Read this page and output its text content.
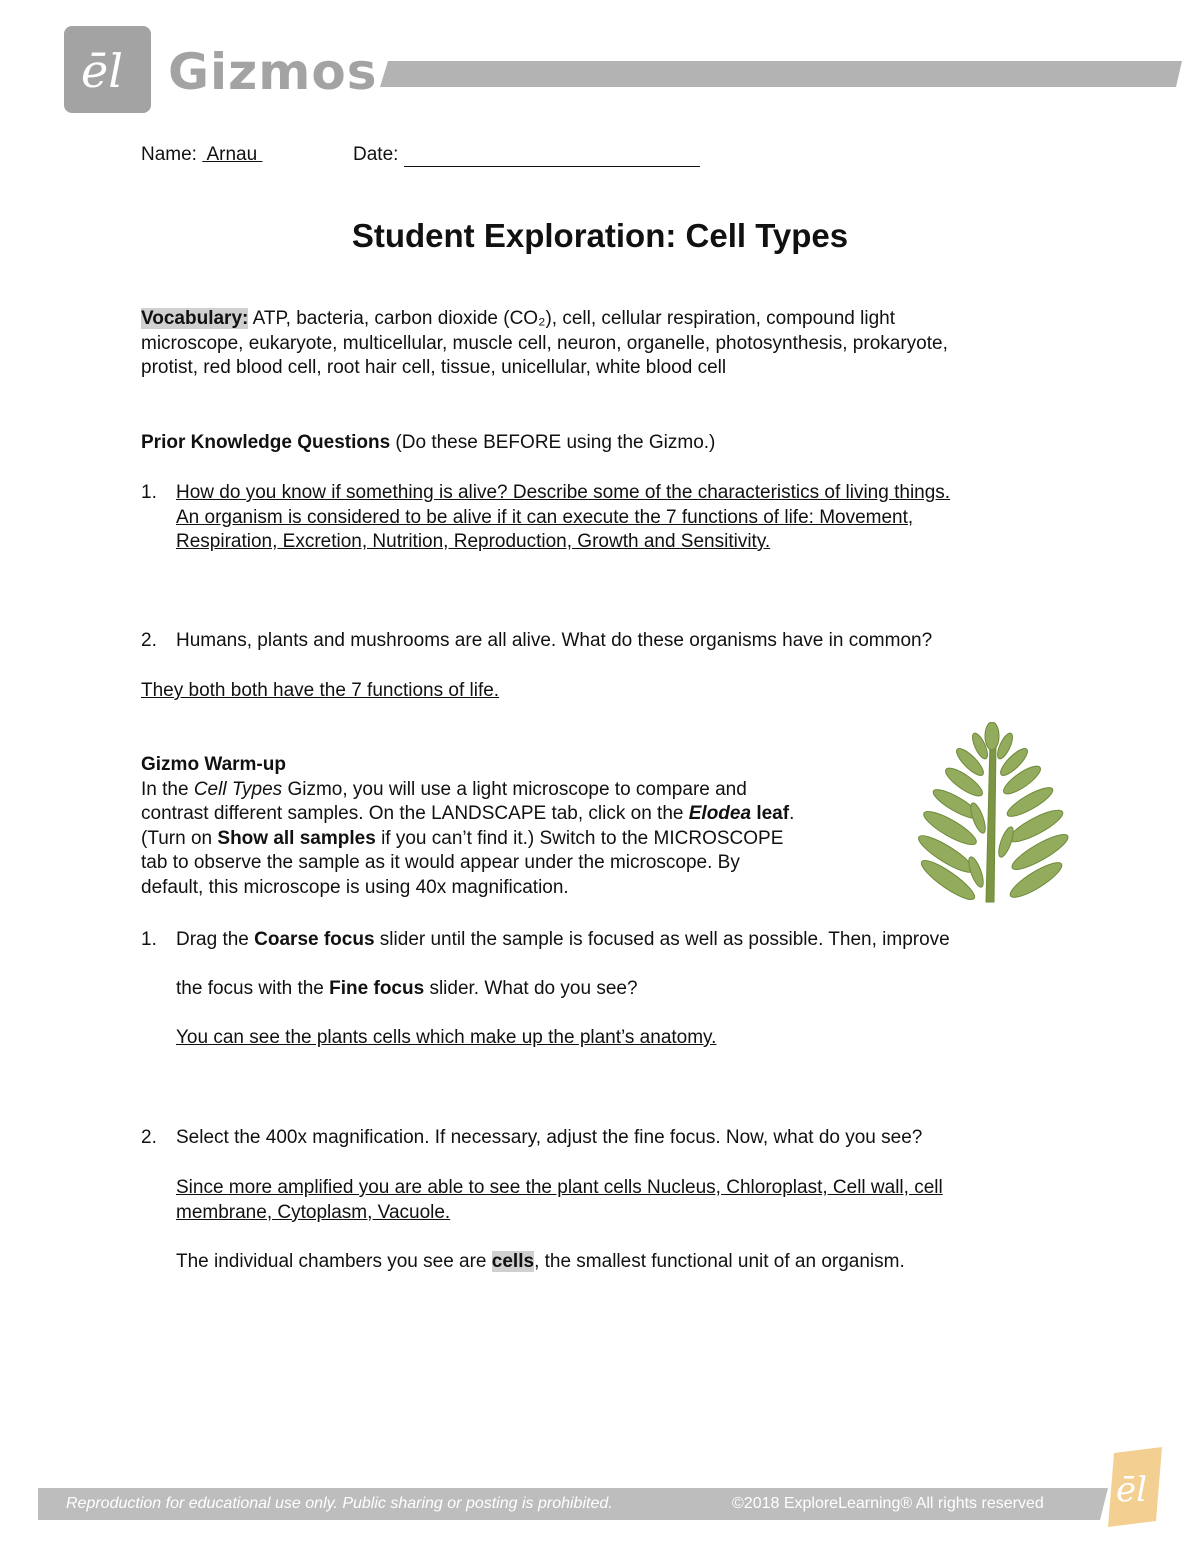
ēl Gizmos
Name:  Arnau	Date:
Student Exploration: Cell Types
Vocabulary: ATP, bacteria, carbon dioxide (CO₂), cell, cellular respiration, compound light
microscope, eukaryote, multicellular, muscle cell, neuron, organelle, photosynthesis, prokaryote,
protist, red blood cell, root hair cell, tissue, unicellular, white blood cell
Prior Knowledge Questions (Do these BEFORE using the Gizmo.)
1. How do you know if something is alive? Describe some of the characteristics of living things.
An organism is considered to be alive if it can execute the 7 functions of life: Movement,
Respiration, Excretion, Nutrition, Reproduction, Growth and Sensitivity.
2. Humans, plants and mushrooms are all alive. What do these organisms have in common?
They both both have the 7 functions of life.
Gizmo Warm-up
In the Cell Types Gizmo, you will use a light microscope to compare and
contrast different samples. On the LANDSCAPE tab, click on the Elodea leaf.
(Turn on Show all samples if you can’t find it.) Switch to the MICROSCOPE
tab to observe the sample as it would appear under the microscope. By
default, this microscope is using 40x magnification.
1. Drag the Coarse focus slider until the sample is focused as well as possible. Then, improve
the focus with the Fine focus slider. What do you see?
You can see the plants cells which make up the plant’s anatomy.
2. Select the 400x magnification. If necessary, adjust the fine focus. Now, what do you see?
Since more amplified you are able to see the plant cells Nucleus, Chloroplast, Cell wall, cell
membrane, Cytoplasm, Vacuole.
The individual chambers you see are cells, the smallest functional unit of an organism.
Reproduction for educational use only. Public sharing or posting is prohibited.	©2018 ExploreLearning® All rights reserved ēl
